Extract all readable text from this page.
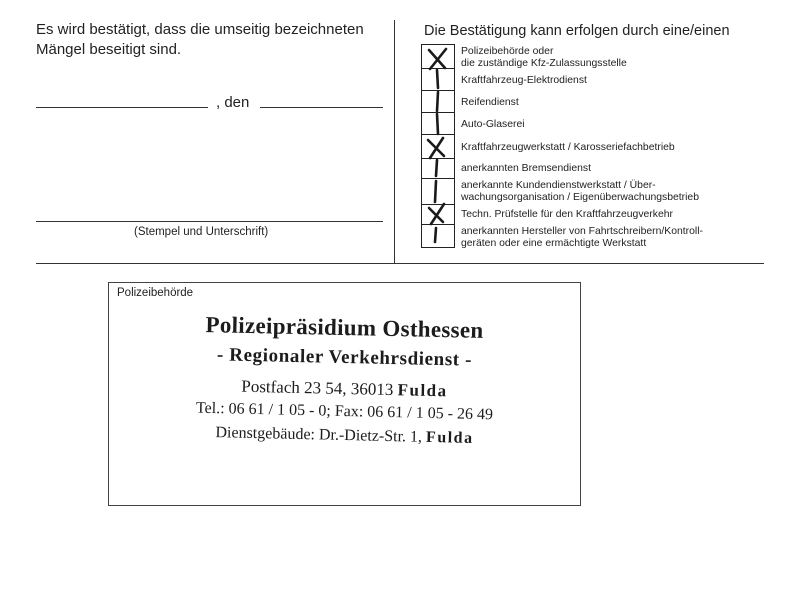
Es wird bestätigt, dass die umseitig bezeichneten Mängel beseitigt sind.
, den
(Stempel und Unterschrift)
Die Bestätigung kann erfolgen durch eine/einen
Polizeibehörde oder
die zuständige Kfz-Zulassungsstelle
Kraftfahrzeug-Elektrodienst
Reifendienst
Auto-Glaserei
Kraftfahrzeugwerkstatt / Karosseriefachbetrieb
anerkannten Bremsendienst
anerkannte Kundendienstwerkstatt / Über-
wachungsorganisation / Eigenüberwachungsbetrieb
Techn. Prüfstelle für den Kraftfahrzeugverkehr
anerkannten Hersteller von Fahrtschreibern/Kontroll-
geräten oder eine ermächtigte Werkstatt
Polizeibehörde
Polizeipräsidium Osthessen
- Regionaler Verkehrsdienst -
Postfach 23 54, 36013 Fulda
Tel.: 06 61 / 1 05 - 0; Fax: 06 61 / 1 05 - 26 49
Dienstgebäude: Dr.-Dietz-Str. 1, Fulda
